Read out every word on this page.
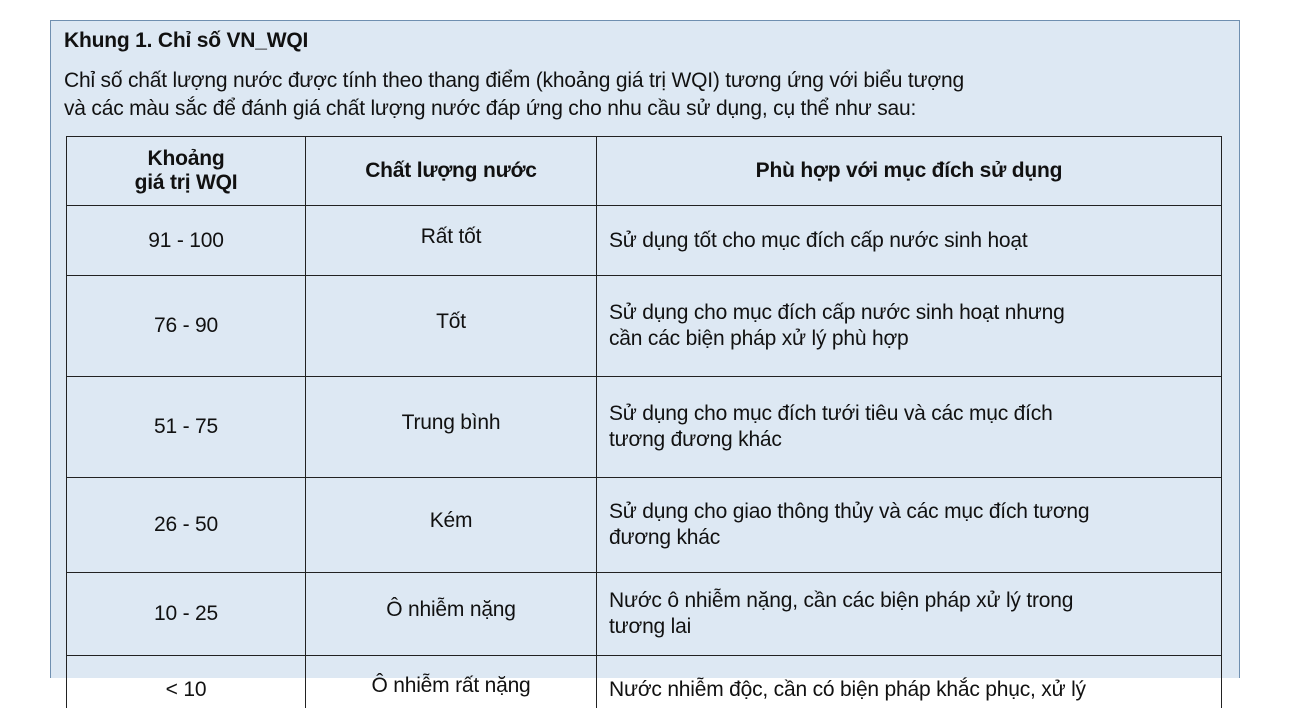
Khung 1. Chỉ số VN_WQI

Chỉ số chất lượng nước được tính theo thang điểm (khoảng giá trị WQI) tương ứng với biểu tượng

và các màu sắc để đánh giá chất lượng nước đáp ứng cho nhu cầu sử dụng, cụ thể như sau:

Khoảng
giá trị WQI	Chất lượng nước	Phù hợp với mục đích sử dụng
91 - 100	Rất tốt	Sử dụng tốt cho mục đích cấp nước sinh hoạt

76 - 90	Tốt	Sử dụng cho mục đích cấp nước sinh hoạt nhưng
cần các biện pháp xử lý phù hợp

51 - 75	Trung bình	Sử dụng cho mục đích tưới tiêu và các mục đích
tương đương khác

26 - 50	Kém	Sử dụng cho giao thông thủy và các mục đích tương
đương khác

10 - 25	Ô nhiễm nặng	Nước ô nhiễm nặng, cần các biện pháp xử lý trong
tương lai

< 10	Ô nhiễm rất nặng	Nước nhiễm độc, cần có biện pháp khắc phục, xử lý
